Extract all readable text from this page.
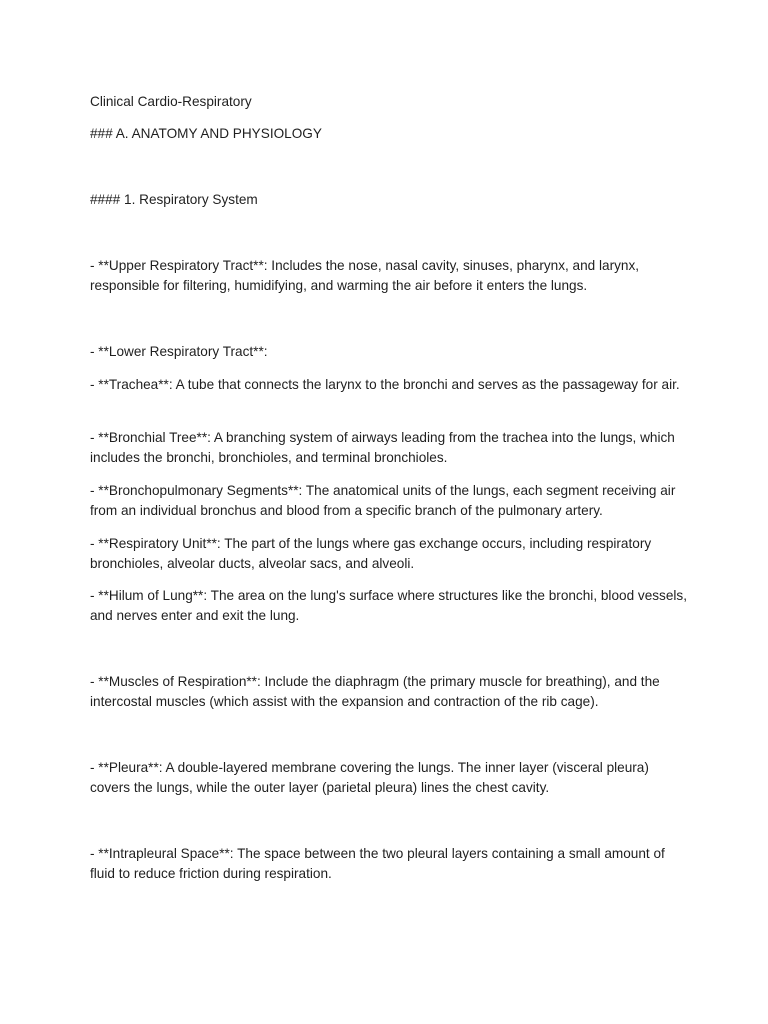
Clinical Cardio-Respiratory

### A. ANATOMY AND PHYSIOLOGY

#### 1. Respiratory System

- **Upper Respiratory Tract**: Includes the nose, nasal cavity, sinuses, pharynx, and larynx, responsible for filtering, humidifying, and warming the air before it enters the lungs.

- **Lower Respiratory Tract**:

- **Trachea**: A tube that connects the larynx to the bronchi and serves as the passageway for air.

- **Bronchial Tree**: A branching system of airways leading from the trachea into the lungs, which includes the bronchi, bronchioles, and terminal bronchioles.

- **Bronchopulmonary Segments**: The anatomical units of the lungs, each segment receiving air from an individual bronchus and blood from a specific branch of the pulmonary artery.

- **Respiratory Unit**: The part of the lungs where gas exchange occurs, including respiratory bronchioles, alveolar ducts, alveolar sacs, and alveoli.

- **Hilum of Lung**: The area on the lung's surface where structures like the bronchi, blood vessels, and nerves enter and exit the lung.

- **Muscles of Respiration**: Include the diaphragm (the primary muscle for breathing), and the intercostal muscles (which assist with the expansion and contraction of the rib cage).

- **Pleura**: A double-layered membrane covering the lungs. The inner layer (visceral pleura) covers the lungs, while the outer layer (parietal pleura) lines the chest cavity.

- **Intrapleural Space**: The space between the two pleural layers containing a small amount of fluid to reduce friction during respiration.
